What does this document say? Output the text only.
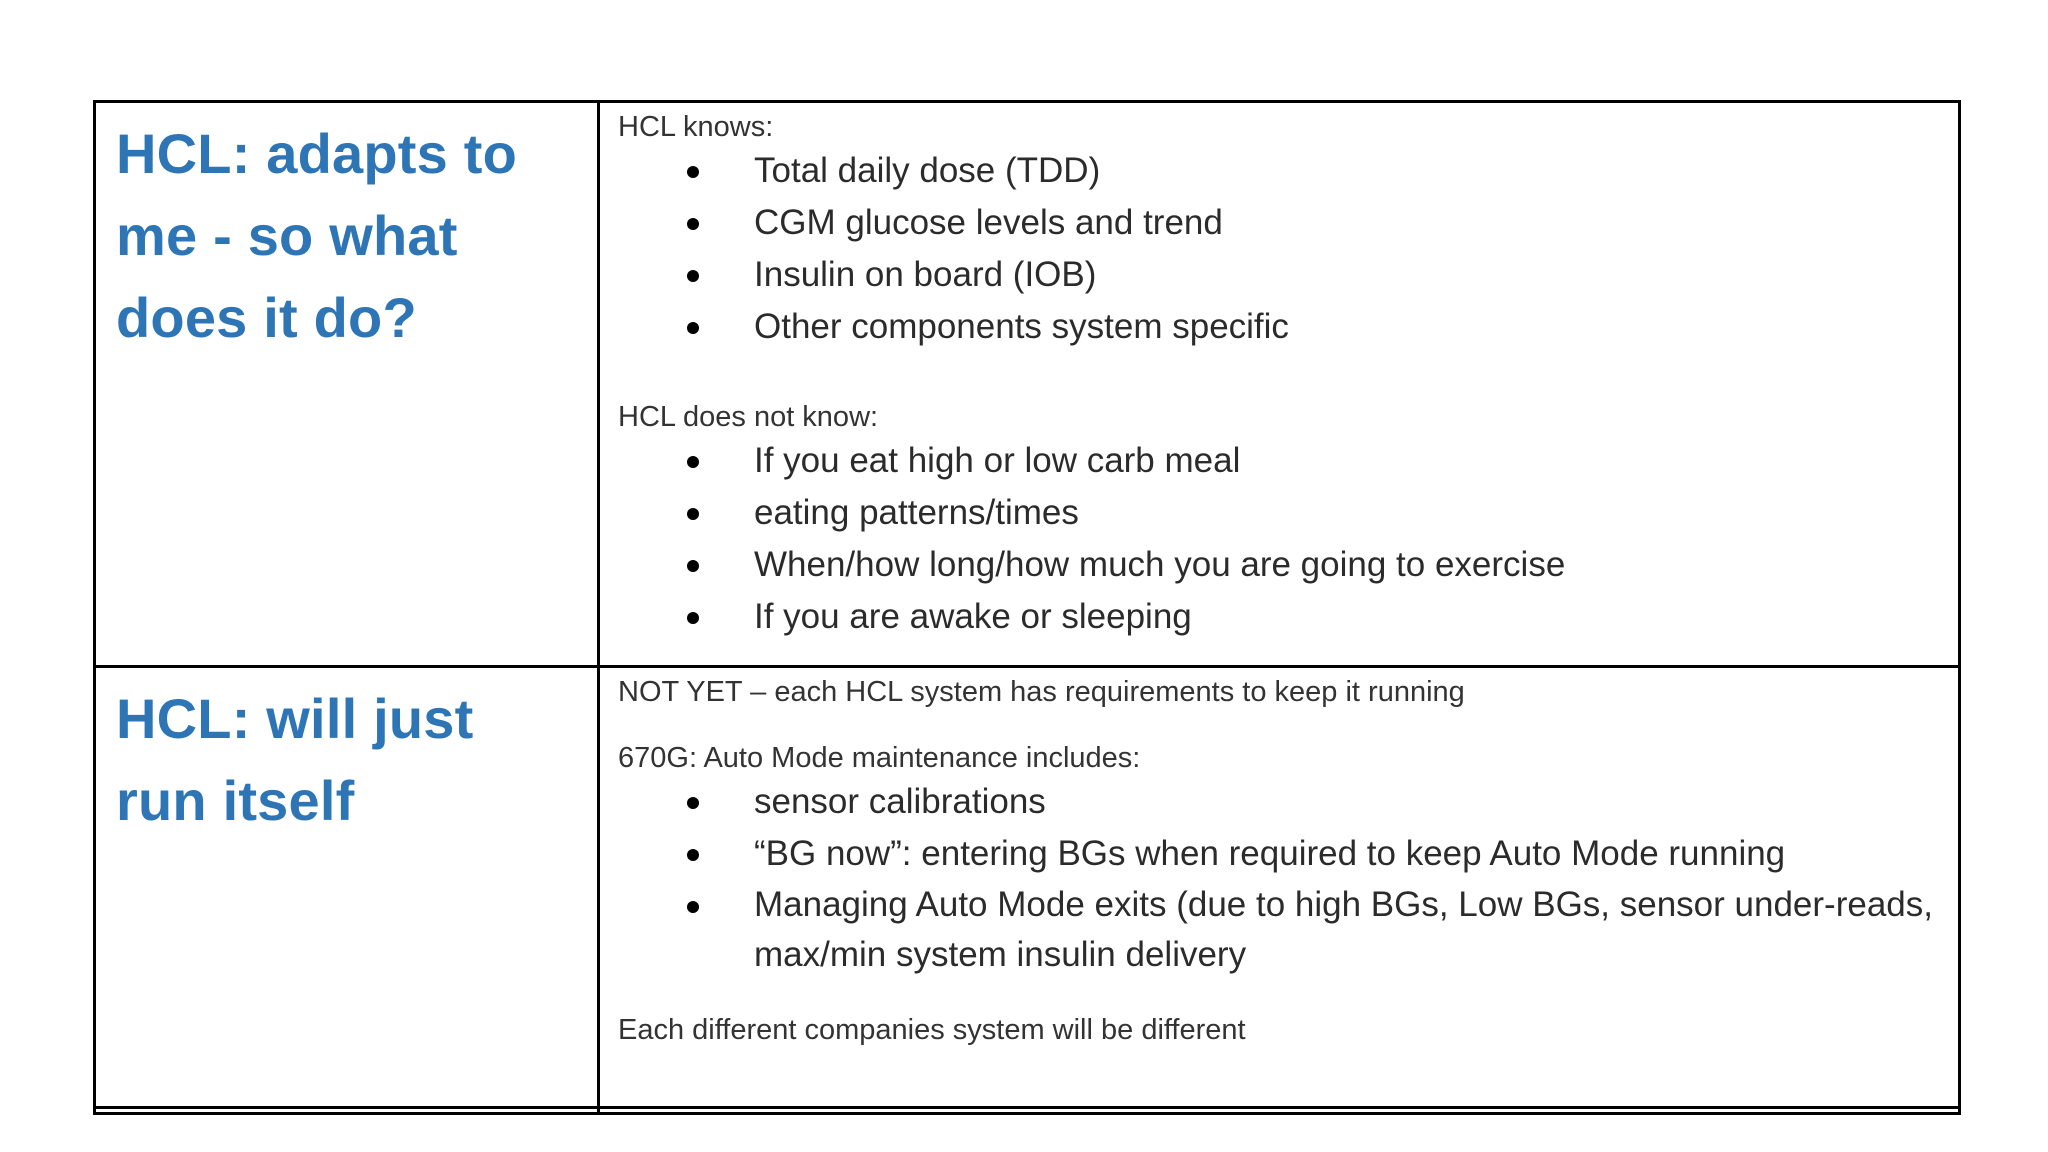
HCL: adapts to me - so what does it do?

HCL knows:

Total daily dose (TDD)
CGM glucose levels and trend
Insulin on board (IOB)
Other components system specific

HCL does not know:

If you eat high or low carb meal
eating patterns/times
When/how long/how much you are going to exercise
If you are awake or sleeping
HCL: will just run itself

NOT YET – each HCL system has requirements to keep it running

670G: Auto Mode maintenance includes:

sensor calibrations
“BG now”: entering BGs when required to keep Auto Mode running
Managing Auto Mode exits (due to high BGs, Low BGs, sensor under-reads, max/min system insulin delivery

Each different companies system will be different
